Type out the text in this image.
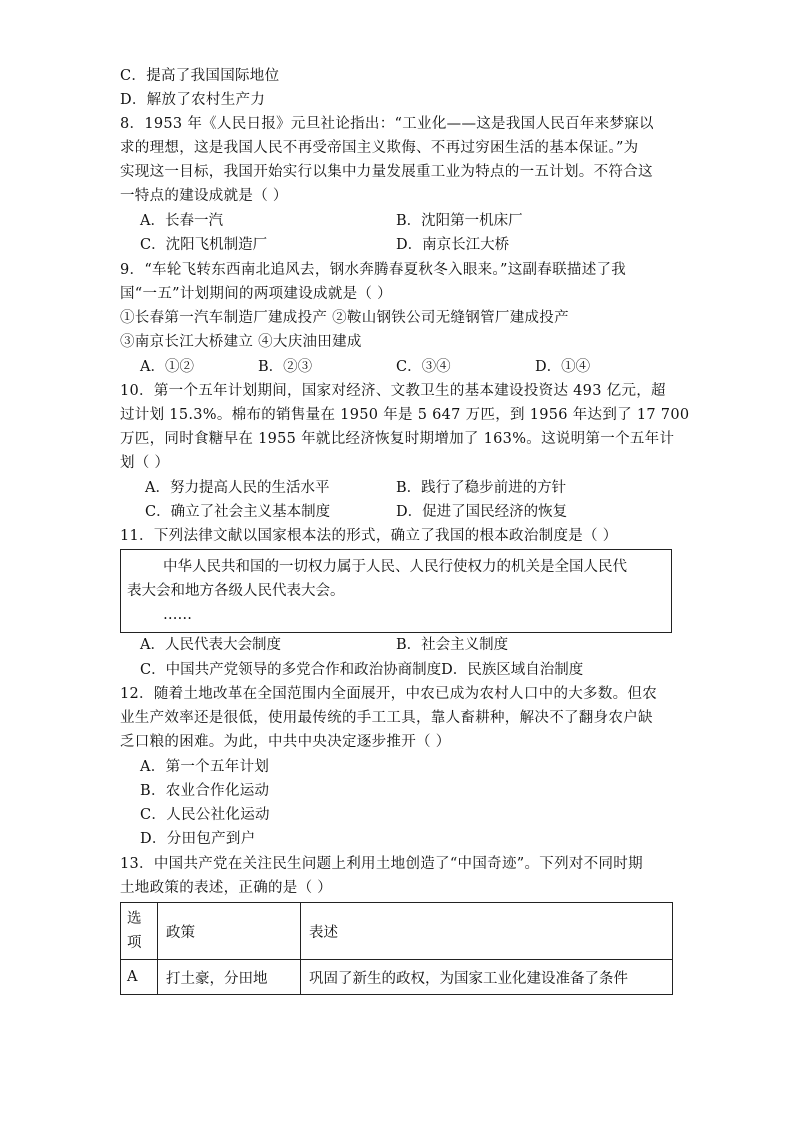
C．提高了我国国际地位
D．解放了农村生产力
8．1953 年《人民日报》元旦社论指出：“工业化——这是我国人民百年来梦寐以
求的理想，这是我国人民不再受帝国主义欺侮、不再过穷困生活的基本保证。”为
实现这一目标，我国开始实行以集中力量发展重工业为特点的一五计划。不符合这
一特点的建设成就是（ ）
A．长春一汽	B．沈阳第一机床厂
C．沈阳飞机制造厂	D．南京长江大桥
9．“车轮飞转东西南北追风去，钢水奔腾春夏秋冬入眼来。”这副春联描述了我
国“一五”计划期间的两项建设成就是（ ）
①长春第一汽车制造厂建成投产 ②鞍山钢铁公司无缝钢管厂建成投产
③南京长江大桥建立 ④大庆油田建成
A．①②	B．②③	C．③④	D．①④
10．第一个五年计划期间，国家对经济、文教卫生的基本建设投资达 493 亿元，超
过计划 15.3%。棉布的销售量在 1950 年是 5 647 万匹，到 1956 年达到了 17 700
万匹，同时食糖早在 1955 年就比经济恢复时期增加了 163%。这说明第一个五年计
划（ ）
A．努力提高人民的生活水平	B．践行了稳步前进的方针
C．确立了社会主义基本制度	D．促进了国民经济的恢复
11．下列法律文献以国家根本法的形式，确立了我国的根本政治制度是（ ）
中华人民共和国的一切权力属于人民、人民行使权力的机关是全国人民代
表大会和地方各级人民代表大会。
……
A．人民代表大会制度	B．社会主义制度
C．中国共产党领导的多党合作和政治协商制度D．民族区域自治制度
12．随着土地改革在全国范围内全面展开，中农已成为农村人口中的大多数。但农
业生产效率还是很低，使用最传统的手工工具，靠人畜耕种，解决不了翻身农户缺
乏口粮的困难。为此，中共中央决定逐步推开（ ）
A．第一个五年计划
B．农业合作化运动
C．人民公社化运动
D．分田包产到户
13．中国共产党在关注民生问题上利用土地创造了“中国奇迹”。下列对不同时期
土地政策的表述，正确的是（ ）
选项	政策	表述
A	打土豪，分田地	巩固了新生的政权，为国家工业化建设准备了条件
